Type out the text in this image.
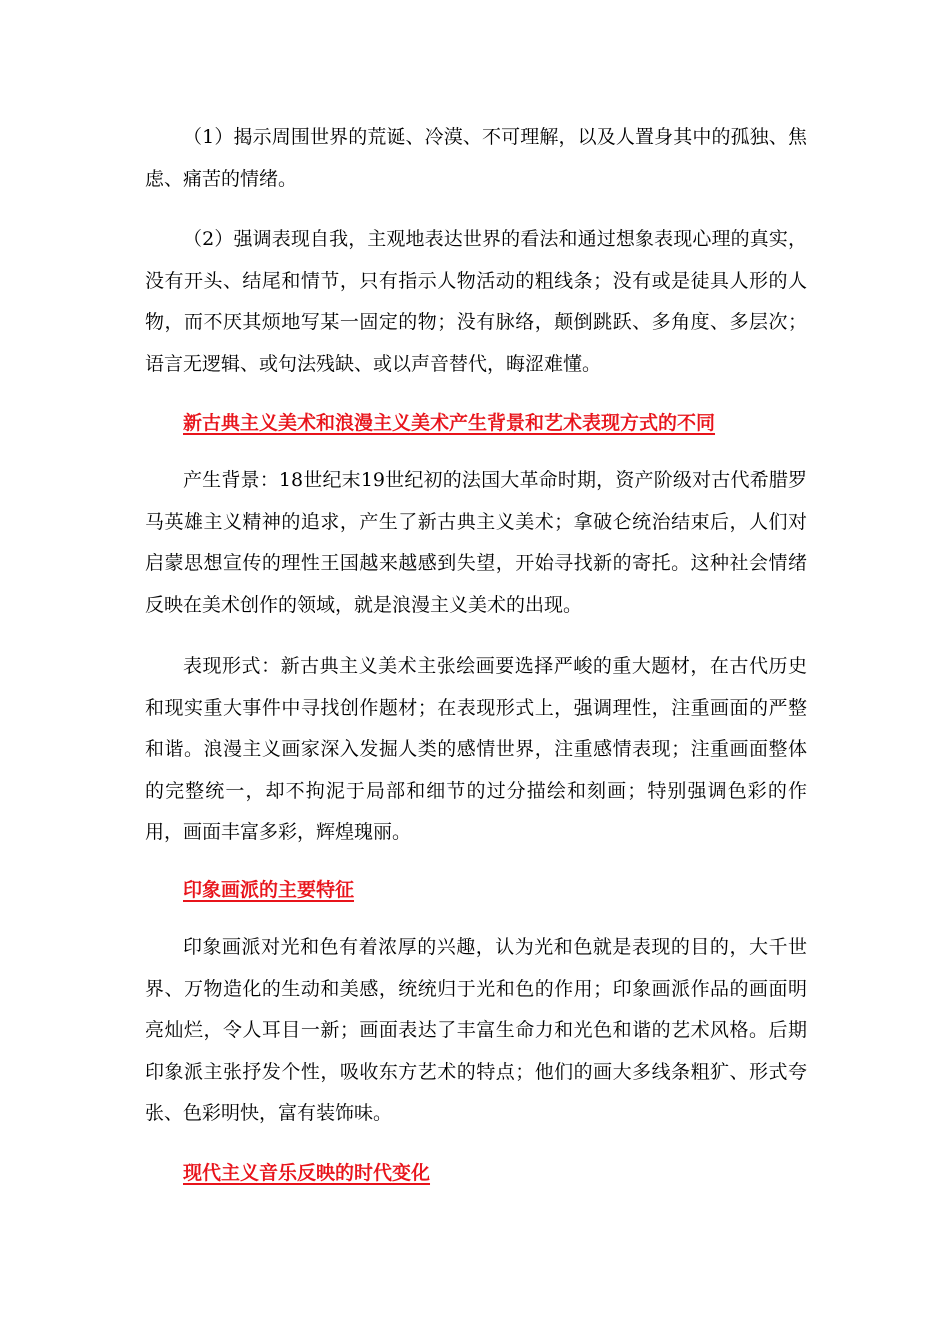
（1）揭示周围世界的荒诞、冷漠、不可理解，以及人置身其中的孤独、焦虑、痛苦的情绪。

（2）强调表现自我，主观地表达世界的看法和通过想象表现心理的真实，没有开头、结尾和情节，只有指示人物活动的粗线条；没有或是徒具人形的人物，而不厌其烦地写某一固定的物；没有脉络，颠倒跳跃、多角度、多层次；语言无逻辑、或句法残缺、或以声音替代，晦涩难懂。

新古典主义美术和浪漫主义美术产生背景和艺术表现方式的不同

产生背景：18世纪末19世纪初的法国大革命时期，资产阶级对古代希腊罗马英雄主义精神的追求，产生了新古典主义美术；拿破仑统治结束后，人们对启蒙思想宣传的理性王国越来越感到失望，开始寻找新的寄托。这种社会情绪反映在美术创作的领域，就是浪漫主义美术的出现。

表现形式：新古典主义美术主张绘画要选择严峻的重大题材，在古代历史和现实重大事件中寻找创作题材；在表现形式上，强调理性，注重画面的严整和谐。浪漫主义画家深入发掘人类的感情世界，注重感情表现；注重画面整体的完整统一，却不拘泥于局部和细节的过分描绘和刻画；特别强调色彩的作用，画面丰富多彩，辉煌瑰丽。

印象画派的主要特征

印象画派对光和色有着浓厚的兴趣，认为光和色就是表现的目的，大千世界、万物造化的生动和美感，统统归于光和色的作用；印象画派作品的画面明亮灿烂，令人耳目一新；画面表达了丰富生命力和光色和谐的艺术风格。后期印象派主张抒发个性，吸收东方艺术的特点；他们的画大多线条粗犷、形式夸张、色彩明快，富有装饰味。

现代主义音乐反映的时代变化
